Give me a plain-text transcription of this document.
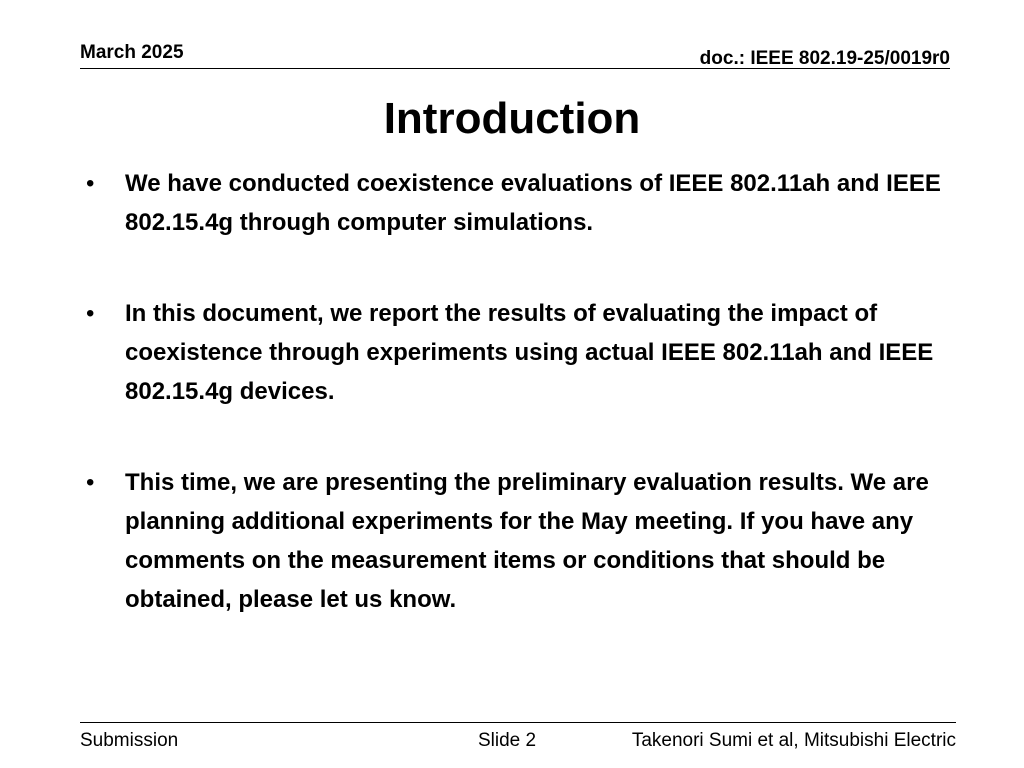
March 2025	doc.: IEEE 802.19-25/0019r0
Introduction
• We have conducted coexistence evaluations of IEEE 802.11ah and IEEE 802.15.4g through computer simulations.
• In this document, we report the results of evaluating the impact of coexistence through experiments using actual IEEE 802.11ah and IEEE 802.15.4g devices.
• This time, we are presenting the preliminary evaluation results. We are planning additional experiments for the May meeting. If you have any comments on the measurement items or conditions that should be obtained, please let us know.
Submission	Slide 2	Takenori Sumi et al, Mitsubishi Electric
